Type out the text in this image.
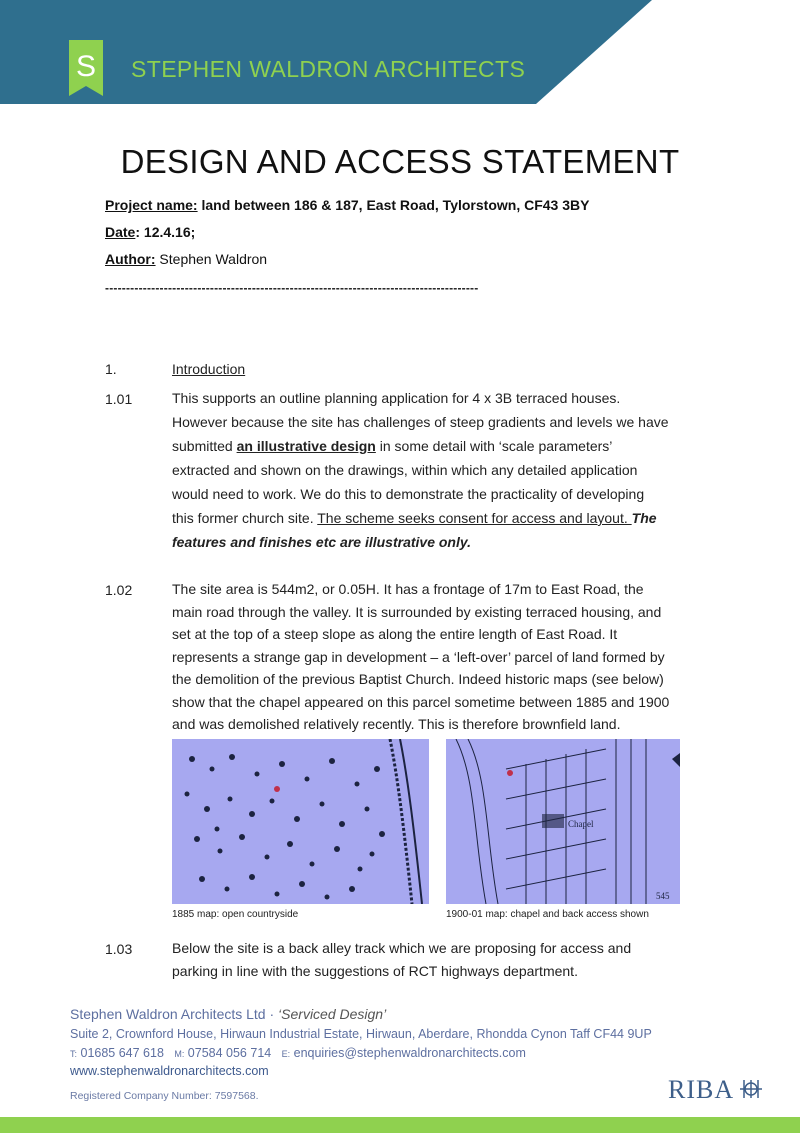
S STEPHEN WALDRON ARCHITECTS
DESIGN AND ACCESS STATEMENT
Project name: land between 186 & 187, East Road, Tylorstown, CF43 3BY
Date: 12.4.16;
Author: Stephen Waldron
-----------------------------------------------------------------------------------------
1.	Introduction
1.01	This supports an outline planning application for 4 x 3B terraced houses.
However because the site has challenges of steep gradients and levels we have
submitted an illustrative design in some detail with ‘scale parameters’
extracted and shown on the drawings, within which any detailed application
would need to work. We do this to demonstrate the practicality of developing
this former church site. The scheme seeks consent for access and layout. The
features and finishes etc are illustrative only.
1.02	The site area is 544m2, or 0.05H. It has a frontage of 17m to East Road, the
main road through the valley. It is surrounded by existing terraced housing, and
set at the top of a steep slope as along the entire length of East Road. It
represents a strange gap in development – a ‘left-over’ parcel of land formed by
the demolition of the previous Baptist Church. Indeed historic maps (see below)
show that the chapel appeared on this parcel sometime between 1885 and 1900
and was demolished relatively recently. This is therefore brownfield land.
Chapel
545
1885 map: open countryside	1900-01 map: chapel and back access shown
1.03	Below the site is a back alley track which we are proposing for access and
parking in line with the suggestions of RCT highways department.
Stephen Waldron Architects Ltd · ‘Serviced Design’
Suite 2, Crownford House, Hirwaun Industrial Estate, Hirwaun, Aberdare, Rhondda Cynon Taff CF44 9UP
T: 01685 647 618 M: 07584 056 714 E: enquiries@stephenwaldronarchitects.com
www.stephenwaldronarchitects.com
Registered Company Number: 7597568.	RIBA
